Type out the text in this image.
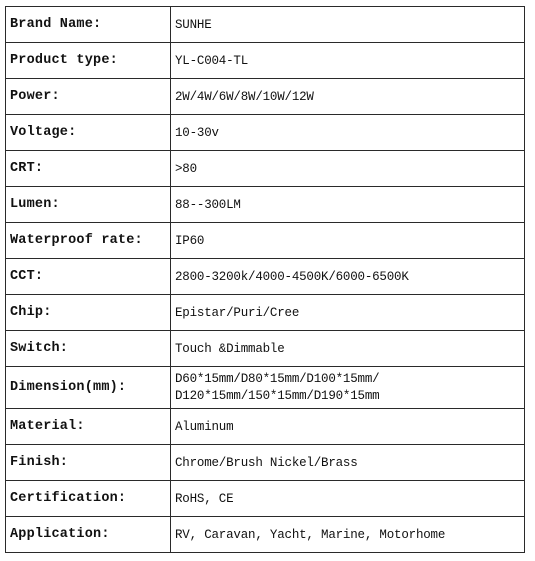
Brand Name:	SUNHE
Product type:	YL-C004-TL
Power:	2W/4W/6W/8W/10W/12W
Voltage:	10-30v
CRT:	>80
Lumen:	88--300LM
Waterproof rate:	IP60
CCT:	2800-3200k/4000-4500K/6000-6500K
Chip:	Epistar/Puri/Cree
Switch:	Touch &Dimmable
Dimension(mm):	D60*15mm/D80*15mm/D100*15mm/
D120*15mm/150*15mm/D190*15mm

Material:	Aluminum
Finish:	Chrome/Brush Nickel/Brass
Certification:	RoHS, CE
Application:	RV, Caravan, Yacht, Marine, Motorhome
